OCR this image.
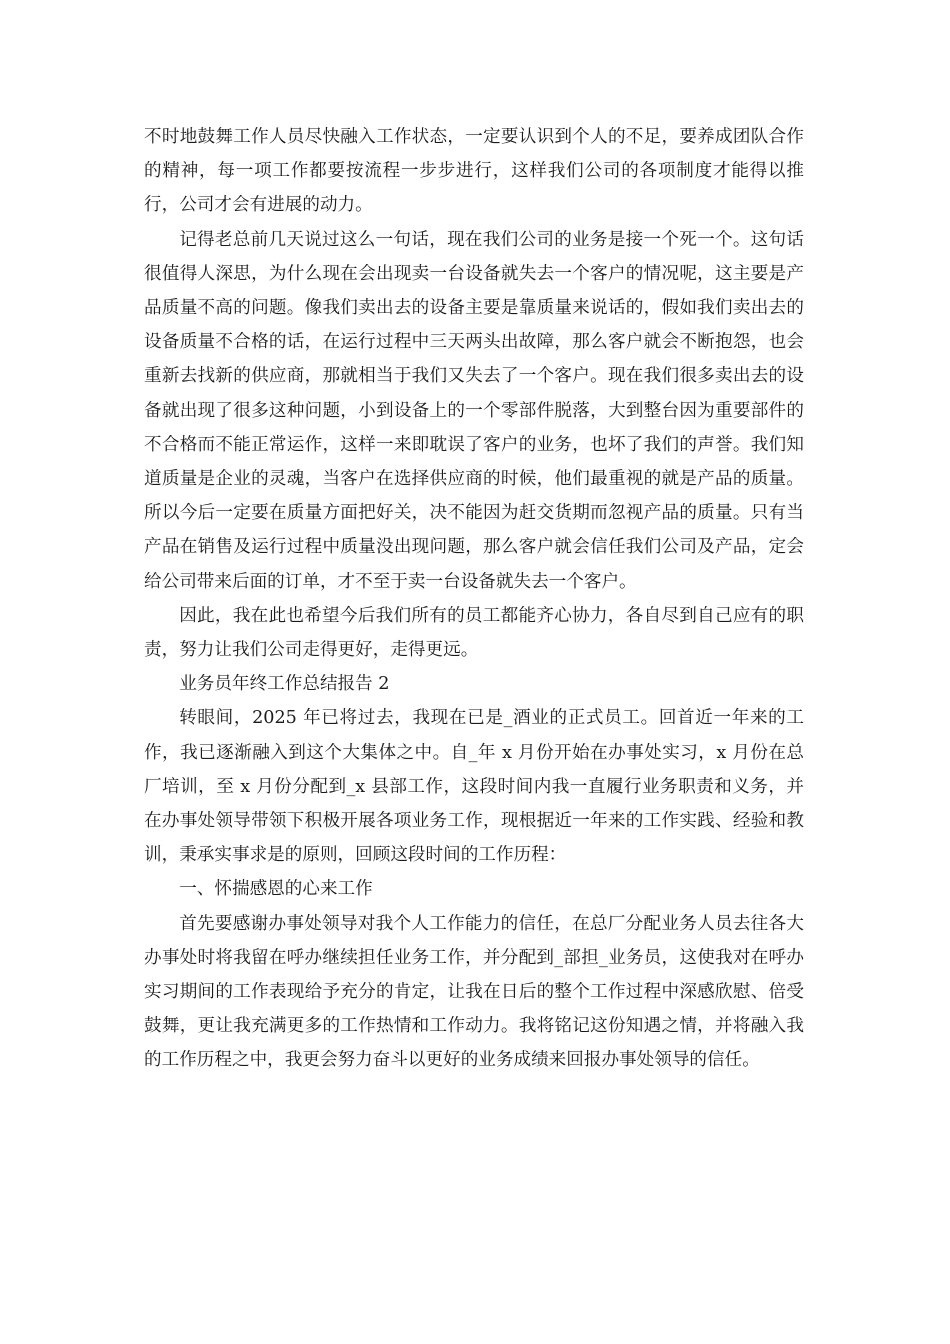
不时地鼓舞工作人员尽快融入工作状态，一定要认识到个人的不足，要养成团队合作的精神，每一项工作都要按流程一步步进行，这样我们公司的各项制度才能得以推行，公司才会有进展的动力。

记得老总前几天说过这么一句话，现在我们公司的业务是接一个死一个。这句话很值得人深思，为什么现在会出现卖一台设备就失去一个客户的情况呢，这主要是产品质量不高的问题。像我们卖出去的设备主要是靠质量来说话的，假如我们卖出去的设备质量不合格的话，在运行过程中三天两头出故障，那么客户就会不断抱怨，也会重新去找新的供应商，那就相当于我们又失去了一个客户。现在我们很多卖出去的设备就出现了很多这种问题，小到设备上的一个零部件脱落，大到整台因为重要部件的不合格而不能正常运作，这样一来即耽误了客户的业务，也坏了我们的声誉。我们知道质量是企业的灵魂，当客户在选择供应商的时候，他们最重视的就是产品的质量。所以今后一定要在质量方面把好关，决不能因为赶交货期而忽视产品的质量。只有当产品在销售及运行过程中质量没出现问题，那么客户就会信任我们公司及产品，定会给公司带来后面的订单，才不至于卖一台设备就失去一个客户。

因此，我在此也希望今后我们所有的员工都能齐心协力，各自尽到自己应有的职责，努力让我们公司走得更好，走得更远。

业务员年终工作总结报告 2

转眼间，2025 年已将过去，我现在已是_酒业的正式员工。回首近一年来的工作，我已逐渐融入到这个大集体之中。自_年 x 月份开始在办事处实习，x 月份在总厂培训，至 x 月份分配到_x 县部工作，这段时间内我一直履行业务职责和义务，并在办事处领导带领下积极开展各项业务工作，现根据近一年来的工作实践、经验和教训，秉承实事求是的原则，回顾这段时间的工作历程：

一、怀揣感恩的心来工作

首先要感谢办事处领导对我个人工作能力的信任，在总厂分配业务人员去往各大办事处时将我留在呼办继续担任业务工作，并分配到_部担_业务员，这使我对在呼办实习期间的工作表现给予充分的肯定，让我在日后的整个工作过程中深感欣慰、倍受鼓舞，更让我充满更多的工作热情和工作动力。我将铭记这份知遇之情，并将融入我的工作历程之中，我更会努力奋斗以更好的业务成绩来回报办事处领导的信任。
